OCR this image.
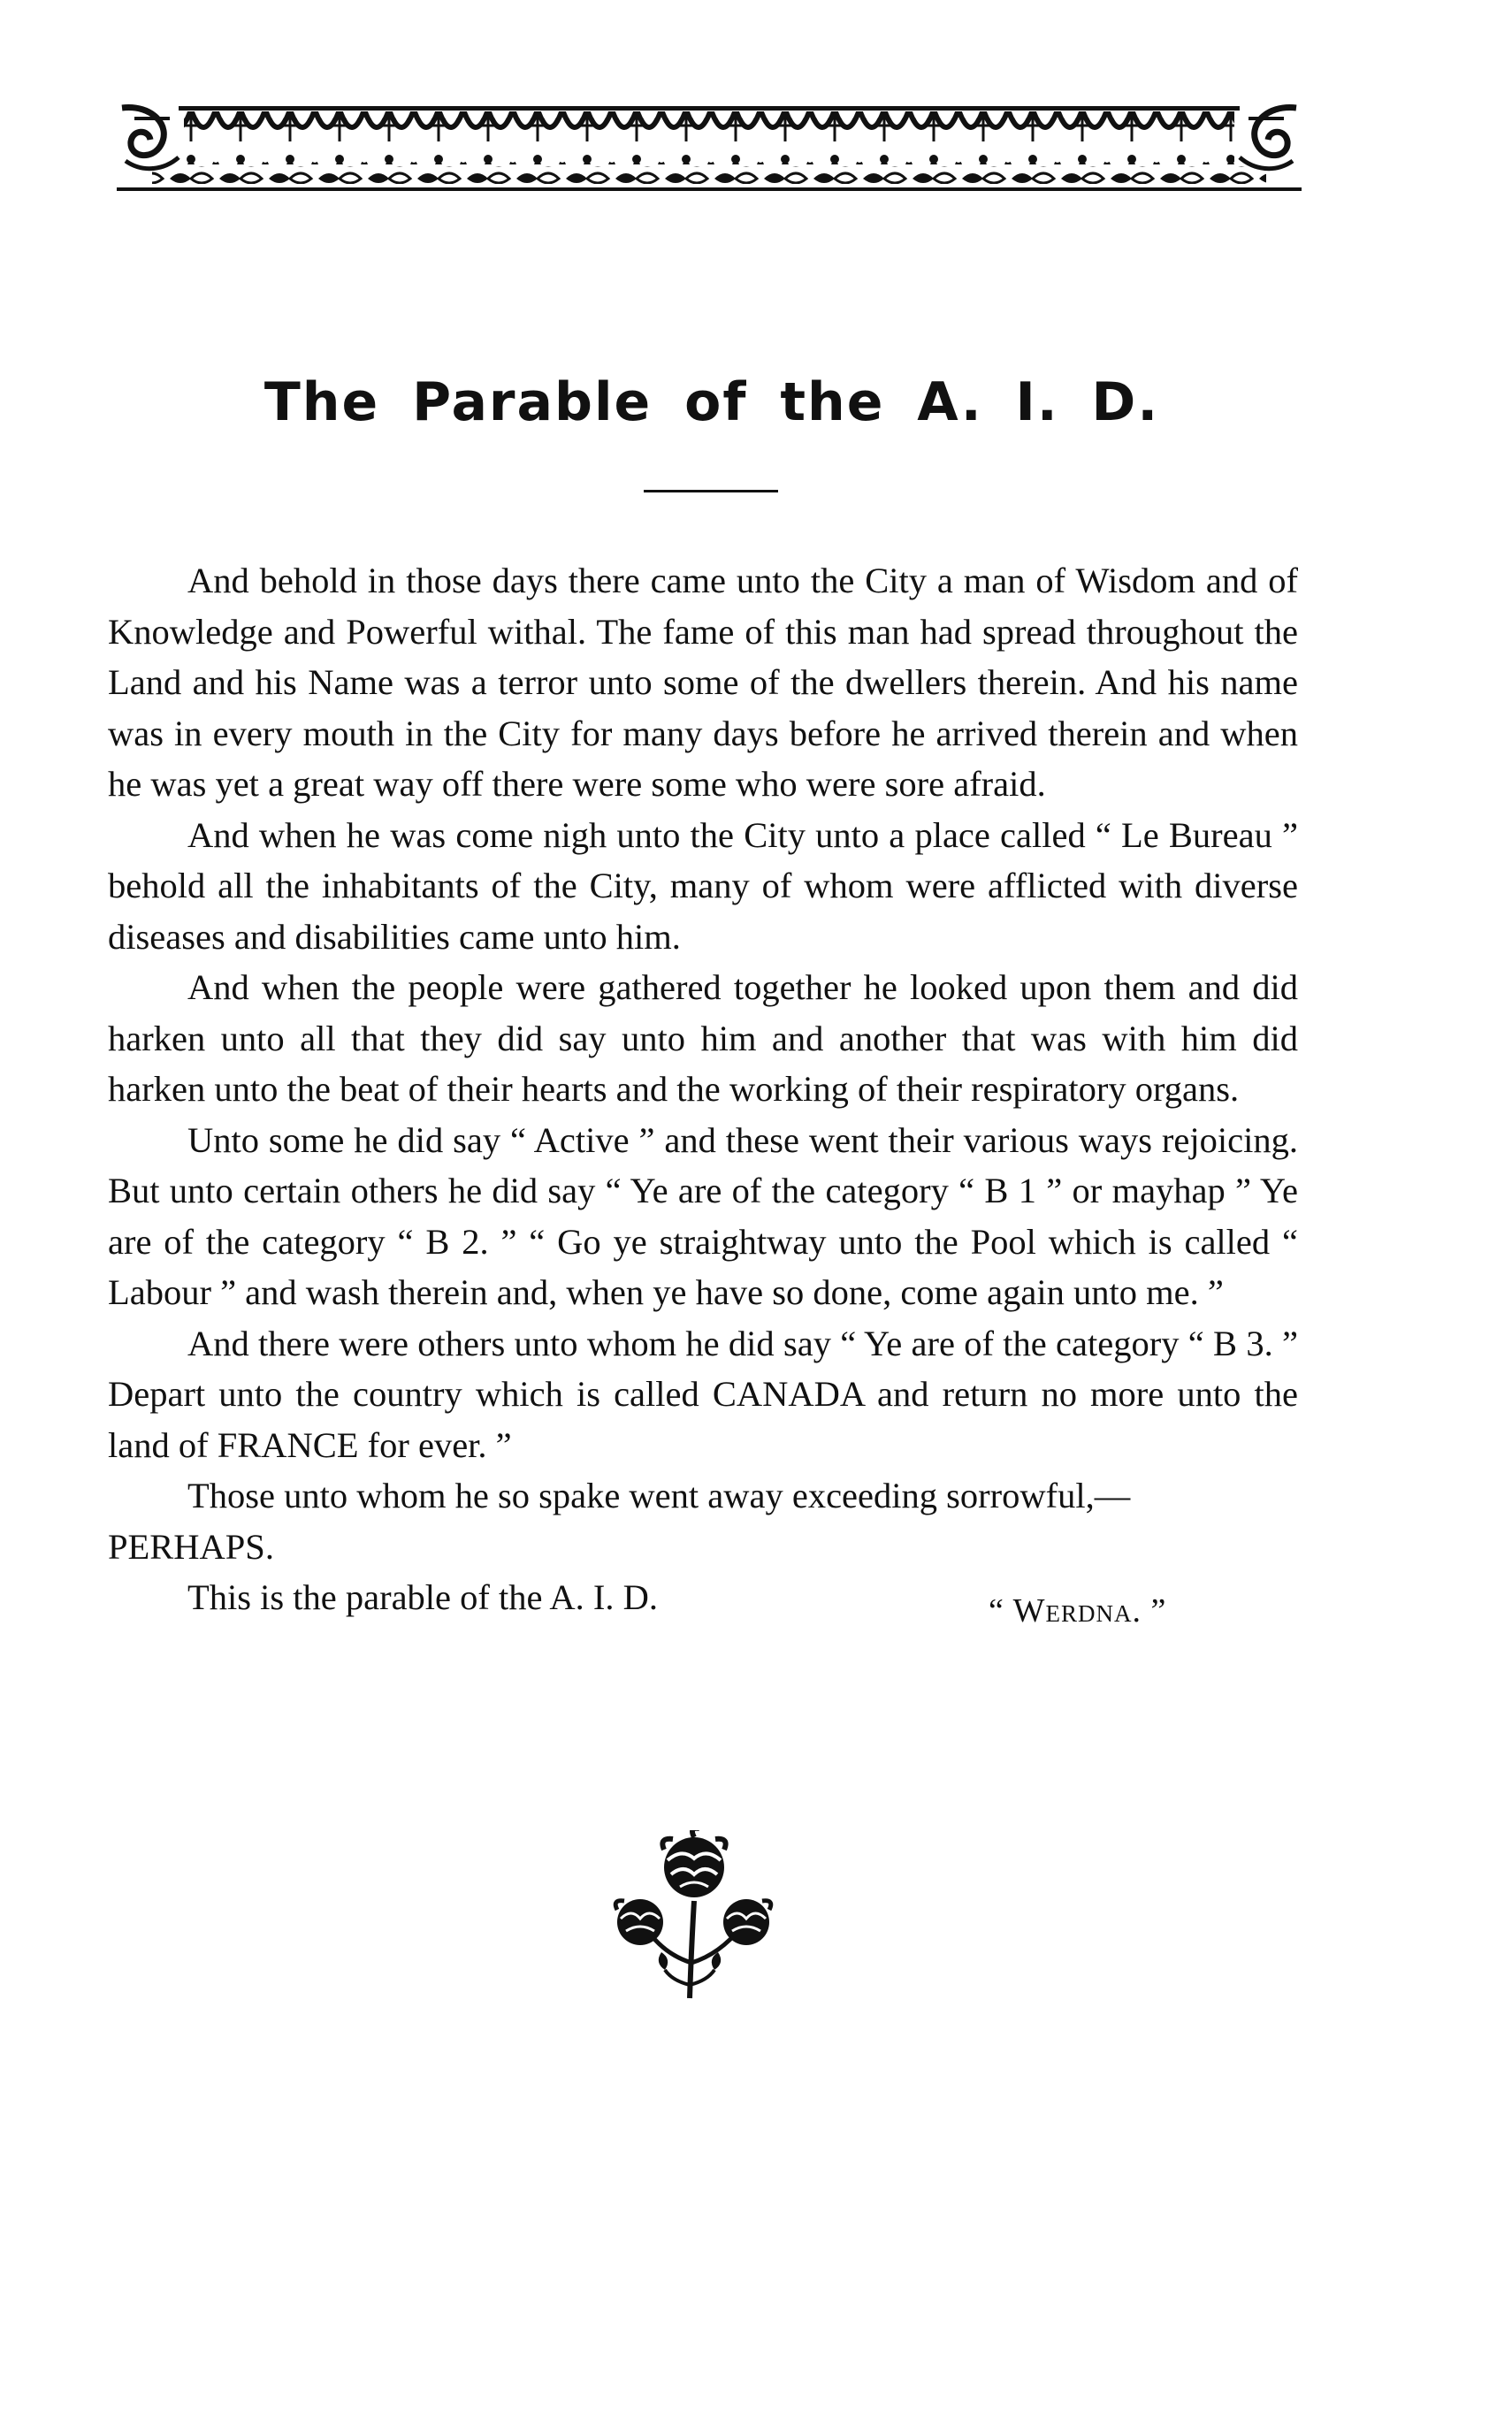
The Parable of the A. I. D.

And behold in those days there came unto the City a man of Wisdom and of Knowledge and Powerful withal. The fame of this man had spread throughout the Land and his Name was a terror unto some of the dwellers therein. And his name was in every mouth in the City for many days before he arrived therein and when he was yet a great way off there were some who were sore afraid.

And when he was come nigh unto the City unto a place called “ Le Bureau ” behold all the inhabitants of the City, many of whom were afflicted with diverse diseases and disabilities came unto him.

And when the people were gathered together he looked upon them and did harken unto all that they did say unto him and another that was with him did harken unto the beat of their hearts and the working of their respiratory organs.

Unto some he did say “ Active ” and these went their various ways rejoicing. But unto certain others he did say “ Ye are of the category “ B 1 ” or mayhap ” Ye are of the category “ B 2. ” “ Go ye straightway unto the Pool which is called “ Labour ” and wash therein and, when ye have so done, come again unto me. ”

And there were others unto whom he did say “ Ye are of the category “ B 3. ” Depart unto the country which is called CANADA and return no more unto the land of FRANCE for ever. ”

Those unto whom he so spake went away exceeding sorrowful,— PERHAPS.

This is the parable of the A. I. D.	“ Werdna. ”
